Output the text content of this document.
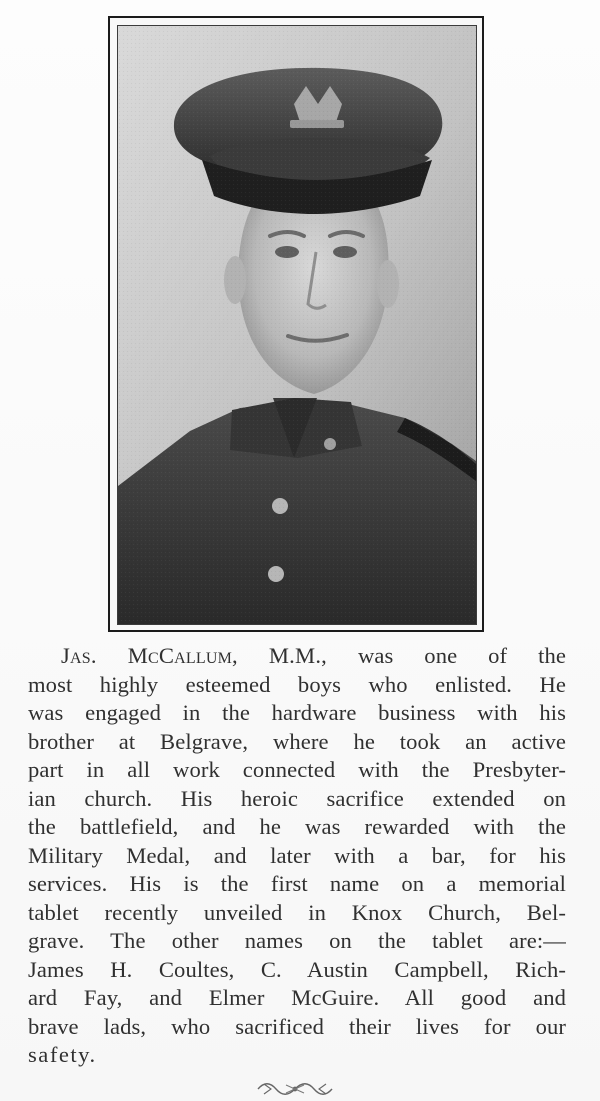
Jas. McCallum, M.M., was one of the
most highly esteemed boys who enlisted. He
was engaged in the hardware business with his
brother at Belgrave, where he took an active
part in all work connected with the Presbyter-
ian church. His heroic sacrifice extended on
the battlefield, and he was rewarded with the
Military Medal, and later with a bar, for his
services. His is the first name on a memorial
tablet recently unveiled in Knox Church, Bel-
grave. The other names on the tablet are:—
James H. Coultes, C. Austin Campbell, Rich-
ard Fay, and Elmer McGuire. All good and
brave lads, who sacrificed their lives for our
safety.
